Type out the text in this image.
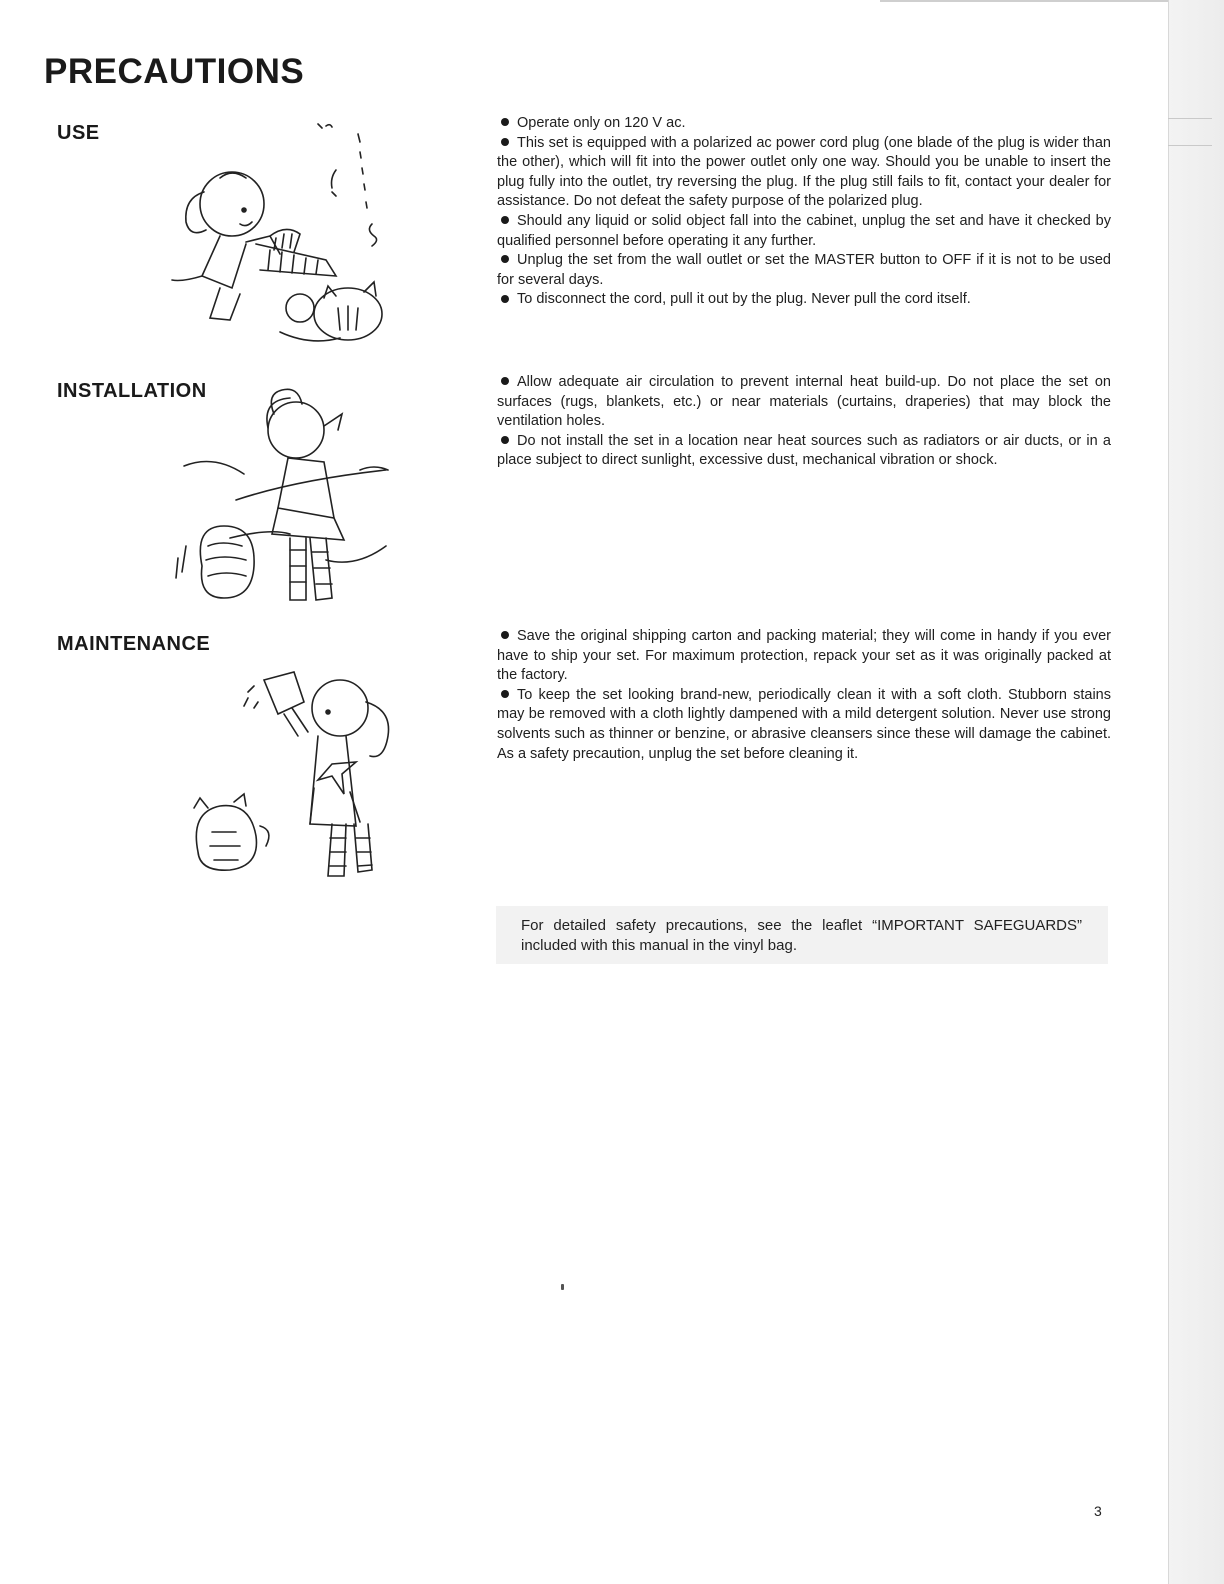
PRECAUTIONS
USE	Operate only on 120 V ac.

This set is equipped with a polarized ac power cord plug (one blade of the plug is wider than the other), which will fit into the power outlet only one way. Should you be unable to insert the plug fully into the outlet, try reversing the plug. If the plug still fails to fit, contact your dealer for assistance. Do not defeat the safety purpose of the polarized plug.

Should any liquid or solid object fall into the cabinet, unplug the set and have it checked by qualified personnel before operating it any further.

Unplug the set from the wall outlet or set the MASTER button to OFF if it is not to be used for several days.

To disconnect the cord, pull it out by the plug. Never pull the cord itself.

INSTALLATION	Allow adequate air circulation to prevent internal heat build-up. Do not place the set on surfaces (rugs, blankets, etc.) or near materials (curtains, draperies) that may block the ventilation holes.

Do not install the set in a location near heat sources such as radiators or air ducts, or in a place subject to direct sunlight, excessive dust, mechanical vibration or shock.

MAINTENANCE	Save the original shipping carton and packing material; they will come in handy if you ever have to ship your set. For maximum protection, repack your set as it was originally packed at the factory.

To keep the set looking brand-new, periodically clean it with a soft cloth. Stubborn stains may be removed with a cloth lightly dampened with a mild detergent solution. Never use strong solvents such as thinner or benzine, or abrasive cleansers since these will damage the cabinet. As a safety precaution, unplug the set before cleaning it.

For detailed safety precautions, see the leaflet “IMPORTANT SAFEGUARDS” included with this manual in the vinyl bag.

3
